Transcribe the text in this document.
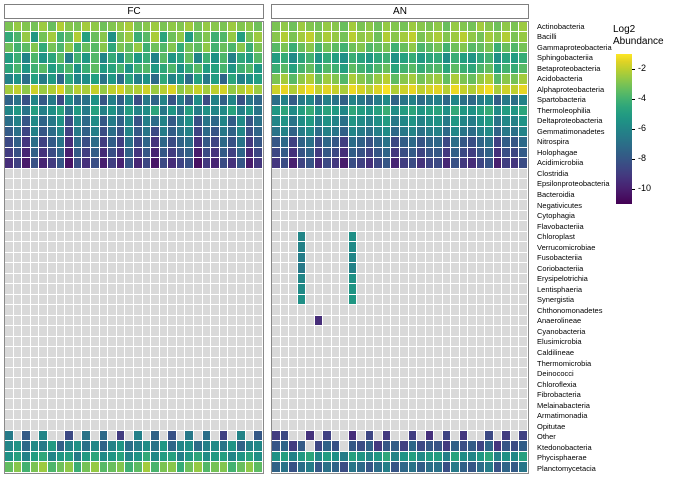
FC	AN
Actinobacteria
Bacilli
Gammaproteobacteria
Sphingobacteriia
Betaproteobacteria
Acidobacteria
Alphaproteobacteria
Spartobacteria
Thermoleophilia
Deltaproteobacteria
Gemmatimonadetes
Nitrospira
Holophagae
Acidimicrobiia
Clostridia
Epsilonproteobacteria
Bacteroidia
Negativicutes
Cytophagia
Flavobacteriia
Chloroplast
Verrucomicrobiae
Fusobacteriia
Coriobacteriia
Erysipelotrichia
Lentisphaeria
Synergistia
Chthonomonadetes
Anaerolineae
Cyanobacteria
Elusimicrobia
Caldilineae
Thermomicrobia
Deinococci
Chloroflexia
Fibrobacteria
Melainabacteria
Armatimonadia
Opitutae
Other
Ktedonobacteria
Phycisphaerae
Planctomycetacia
Log2
Abundance
-2
-4
-6
-8
-10
